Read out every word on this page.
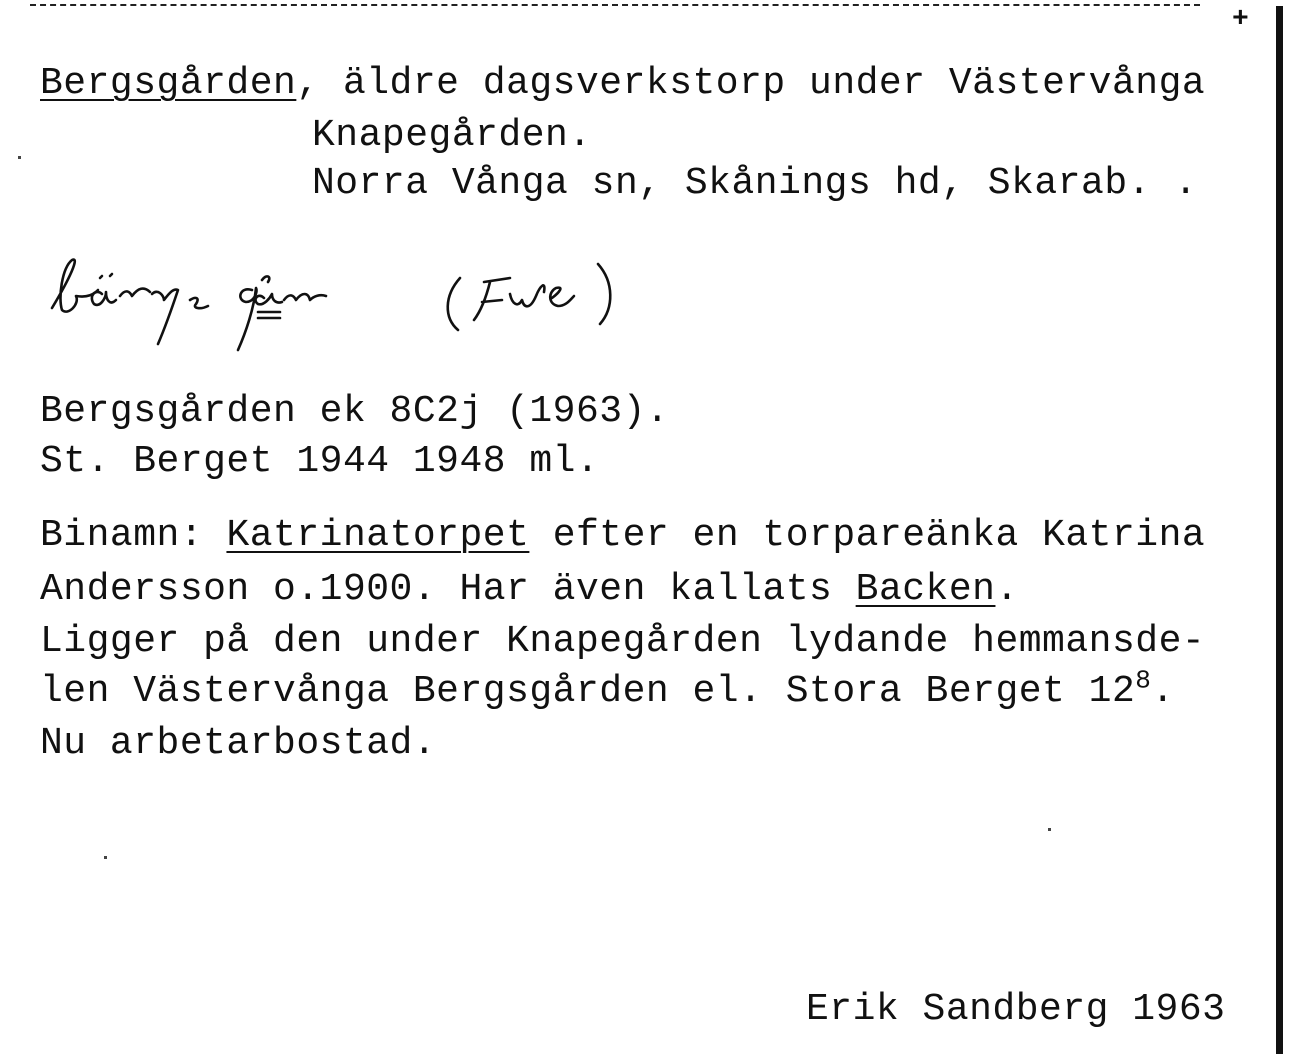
+
Bergsgården, äldre dagsverkstorp under Västervånga
Knapegården.
Norra Vånga sn, Skånings hd, Skarab. .
Bergsgården ek 8C2j (1963).
St. Berget 1944 1948 ml.
Binamn: Katrinatorpet efter en torpareänka Katrina
Andersson o.1900. Har även kallats Backen.
Ligger på den under Knapegården lydande hemmansde-
len Västervånga Bergsgården el. Stora Berget $12^8$.
Nu arbetarbostad.
Erik Sandberg 1963
